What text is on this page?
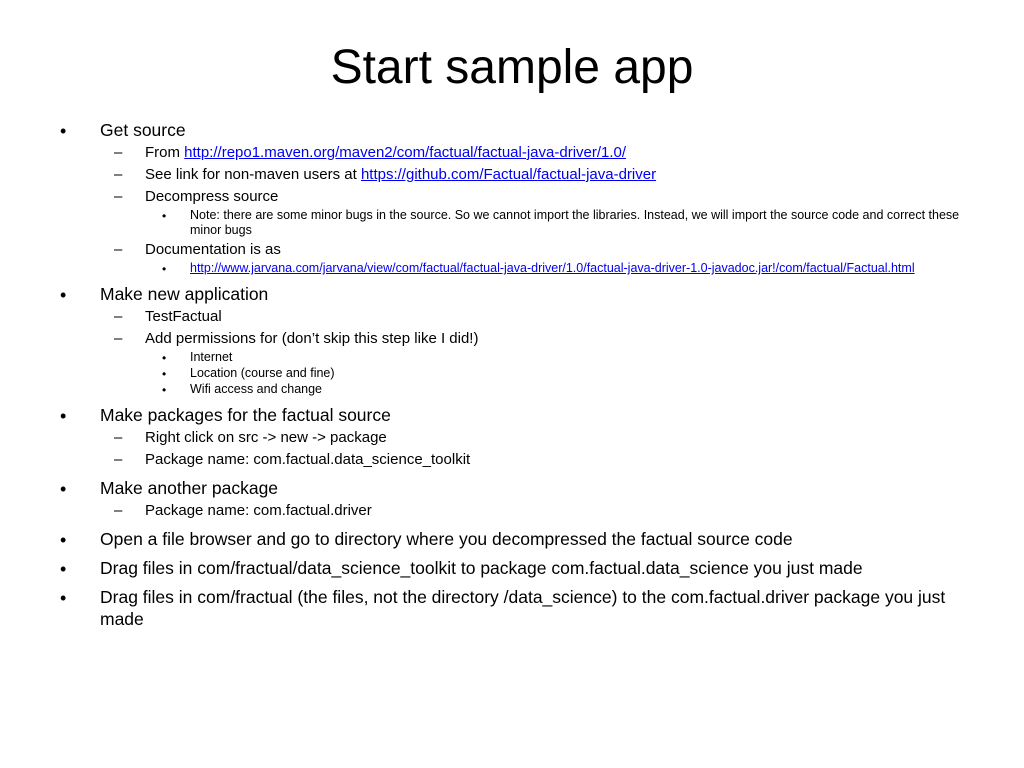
Start sample app
• Get source
– From http://repo1.maven.org/maven2/com/factual/factual-java-driver/1.0/
– See link for non-maven users at https://github.com/Factual/factual-java-driver
– Decompress source
• Note: there are some minor bugs in the source. So we cannot import the libraries. Instead, we will import the source code and correct these minor bugs
– Documentation is as
• http://www.jarvana.com/jarvana/view/com/factual/factual-java-driver/1.0/factual-java-driver-1.0-javadoc.jar!/com/factual/Factual.html
• Make new application
– TestFactual
– Add permissions for (don’t skip this step like I did!)
• Internet
• Location (course and fine)
• Wifi access and change
• Make packages for the factual source
– Right click on src -> new -> package
– Package name: com.factual.data_science_toolkit
• Make another package
– Package name: com.factual.driver
• Open a file browser and go to directory where you decompressed the factual source code
• Drag files in com/fractual/data_science_toolkit to package com.factual.data_science you just made
• Drag files in com/fractual (the files, not the directory /data_science) to the com.factual.driver package you just made
